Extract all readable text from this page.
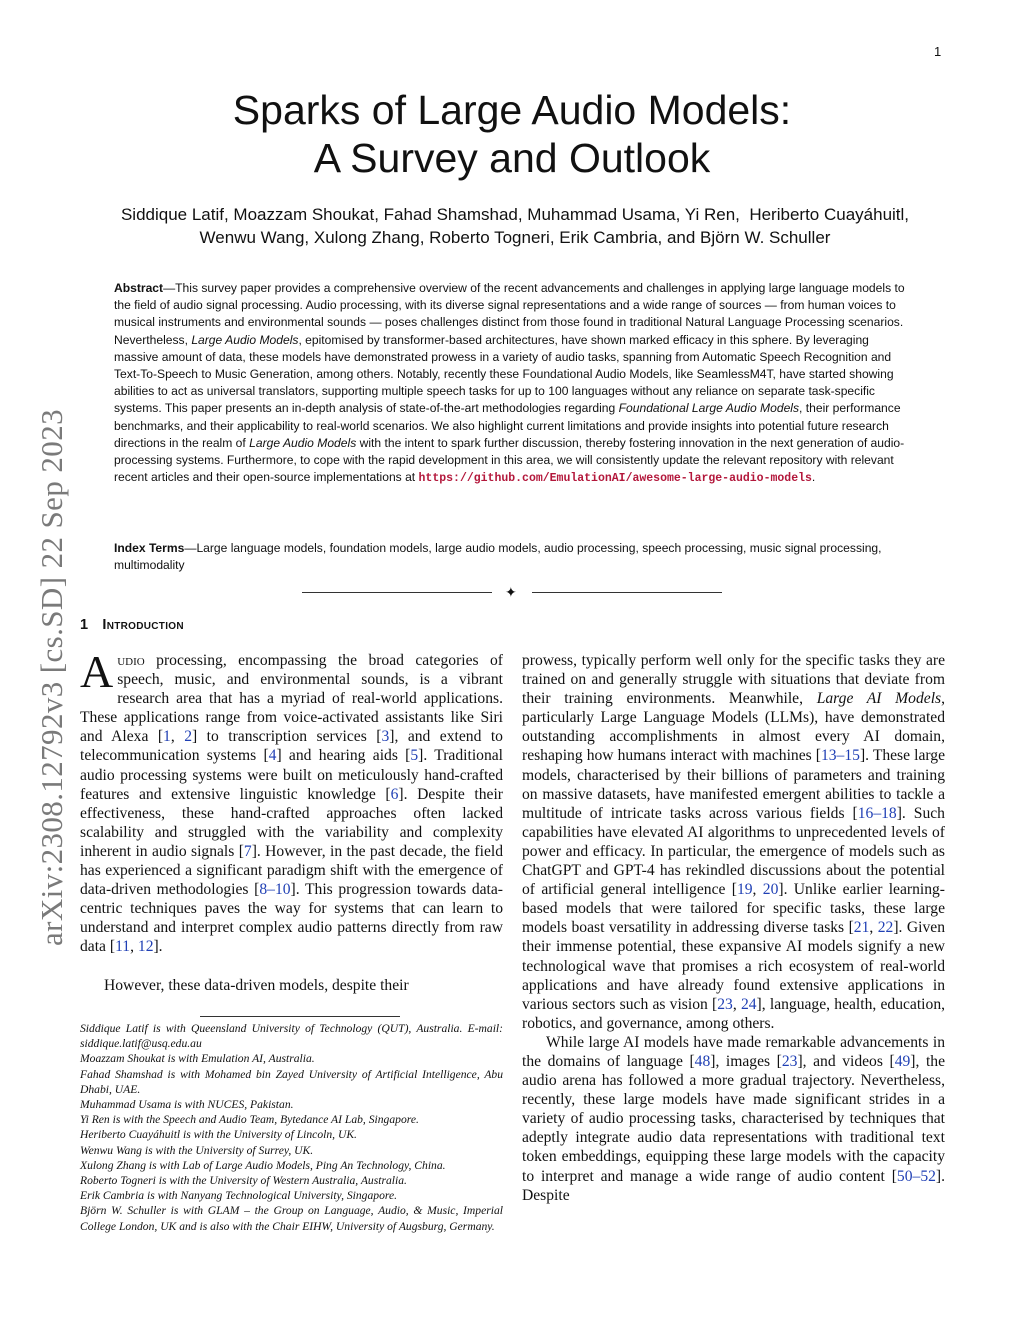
1
arXiv:2308.12792v3 [cs.SD] 22 Sep 2023
Sparks of Large Audio Models:
A Survey and Outlook
Siddique Latif, Moazzam Shoukat, Fahad Shamshad, Muhammad Usama, Yi Ren,  Heriberto Cuayáhuitl,
Wenwu Wang, Xulong Zhang, Roberto Togneri, Erik Cambria, and Björn W. Schuller
Abstract—This survey paper provides a comprehensive overview of the recent advancements and challenges in applying large language models to the field of audio signal processing. Audio processing, with its diverse signal representations and a wide range of sources — from human voices to musical instruments and environmental sounds — poses challenges distinct from those found in traditional Natural Language Processing scenarios. Nevertheless, Large Audio Models, epitomised by transformer-based architectures, have shown marked efficacy in this sphere. By leveraging massive amount of data, these models have demonstrated prowess in a variety of audio tasks, spanning from Automatic Speech Recognition and Text-To-Speech to Music Generation, among others. Notably, recently these Foundational Audio Models, like SeamlessM4T, have started showing abilities to act as universal translators, supporting multiple speech tasks for up to 100 languages without any reliance on separate task-specific systems. This paper presents an in-depth analysis of state-of-the-art methodologies regarding Foundational Large Audio Models, their performance benchmarks, and their applicability to real-world scenarios. We also highlight current limitations and provide insights into potential future research directions in the realm of Large Audio Models with the intent to spark further discussion, thereby fostering innovation in the next generation of audio-processing systems. Furthermore, to cope with the rapid development in this area, we will consistently update the relevant repository with relevant recent articles and their open-source implementations at https://github.com/EmulationAI/awesome-large-audio-models.
Index Terms—Large language models, foundation models, large audio models, audio processing, speech processing, music signal processing, multimodality
✦
1 Introduction

Audio processing, encompassing the broad categories of speech, music, and environmental sounds, is a vibrant research area that has a myriad of real-world applications. These applications range from voice-activated assistants like Siri and Alexa [1, 2] to transcription services [3], and extend to telecommunication systems [4] and hearing aids [5]. Traditional audio processing systems were built on meticulously hand-crafted features and extensive linguistic knowledge [6]. Despite their effectiveness, these hand-crafted approaches often lacked scalability and struggled with the variability and complexity inherent in audio signals [7]. However, in the past decade, the field has experienced a significant paradigm shift with the emergence of data-driven methodologies [8–10]. This progression towards data-centric techniques paves the way for systems that can learn to understand and interpret complex audio patterns directly from raw data [11, 12].

However, these data-driven models, despite their

Siddique Latif is with Queensland University of Technology (QUT), Australia. E-mail: siddique.latif@usq.edu.au
Moazzam Shoukat is with Emulation AI, Australia.
Fahad Shamshad is with Mohamed bin Zayed University of Artificial Intelligence, Abu Dhabi, UAE.
Muhammad Usama is with NUCES, Pakistan.
Yi Ren is with the Speech and Audio Team, Bytedance AI Lab, Singapore.
Heriberto Cuayáhuitl is with the University of Lincoln, UK.
Wenwu Wang is with the University of Surrey, UK.
Xulong Zhang is with Lab of Large Audio Models, Ping An Technology, China.
Roberto Togneri is with the University of Western Australia, Australia.
Erik Cambria is with Nanyang Technological University, Singapore.
Björn W. Schuller is with GLAM – the Group on Language, Audio, & Music, Imperial College London, UK and is also with the Chair EIHW, University of Augsburg, Germany.

prowess, typically perform well only for the specific tasks they are trained on and generally struggle with situations that deviate from their training environments. Meanwhile, Large AI Models, particularly Large Language Models (LLMs), have demonstrated outstanding accomplishments in almost every AI domain, reshaping how humans interact with machines [13–15]. These large models, characterised by their billions of parameters and training on massive datasets, have manifested emergent abilities to tackle a multitude of intricate tasks across various fields [16–18]. Such capabilities have elevated AI algorithms to unprecedented levels of power and efficacy. In particular, the emergence of models such as ChatGPT and GPT-4 has rekindled discussions about the potential of artificial general intelligence [19, 20]. Unlike earlier learning-based models that were tailored for specific tasks, these large models boast versatility in addressing diverse tasks [21, 22]. Given their immense potential, these expansive AI models signify a new technological wave that promises a rich ecosystem of real-world applications and have already found extensive applications in various sectors such as vision [23, 24], language, health, education, robotics, and governance, among others.

While large AI models have made remarkable advancements in the domains of language [48], images [23], and videos [49], the audio arena has followed a more gradual trajectory. Nevertheless, recently, these large models have made significant strides in a variety of audio processing tasks, characterised by techniques that adeptly integrate audio data representations with traditional text token embeddings, equipping these large models with the capacity to interpret and manage a wide range of audio content [50–52]. Despite
